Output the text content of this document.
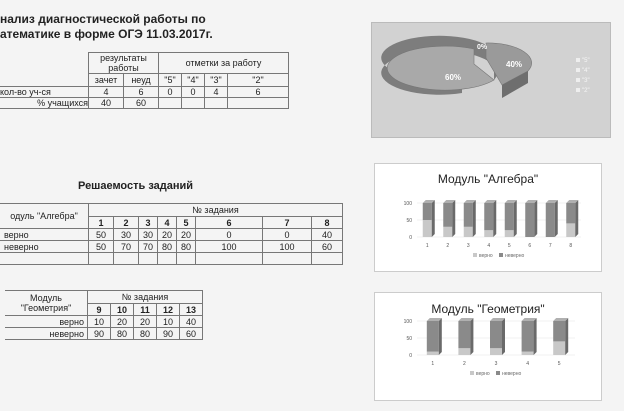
нализ диагностической работы по
атематике в форме ОГЭ 11.03.2017г.
	результаты работы		отметки за работу			
	зачет	неуд	"5"	"4"	"3"	"2"
кол-во уч-ся	4	6	0	0	4	6
% учащихся	40	60				
60%
40%
0%
"5"
"4"
"3"
"2"
Решаемость заданий
одуль "Алгебра"	№ задания							
	1	2	3	4	5	6	7	8
верно	50	30	30	20	20	0	0	40
неверно	50	70	70	80	80	100	100	60

Модуль "Геометрия"	№ задания				
	9	10	11	12	13
верно	10	20	20	10	40
неверно	90	80	80	90	60
Модуль "Алгебра"
0
50
100
1	2	3	4	5	6	7	8
верно неверно
Модуль "Геометрия"
0
50
100
1	2	3	4	5
верно неверно
